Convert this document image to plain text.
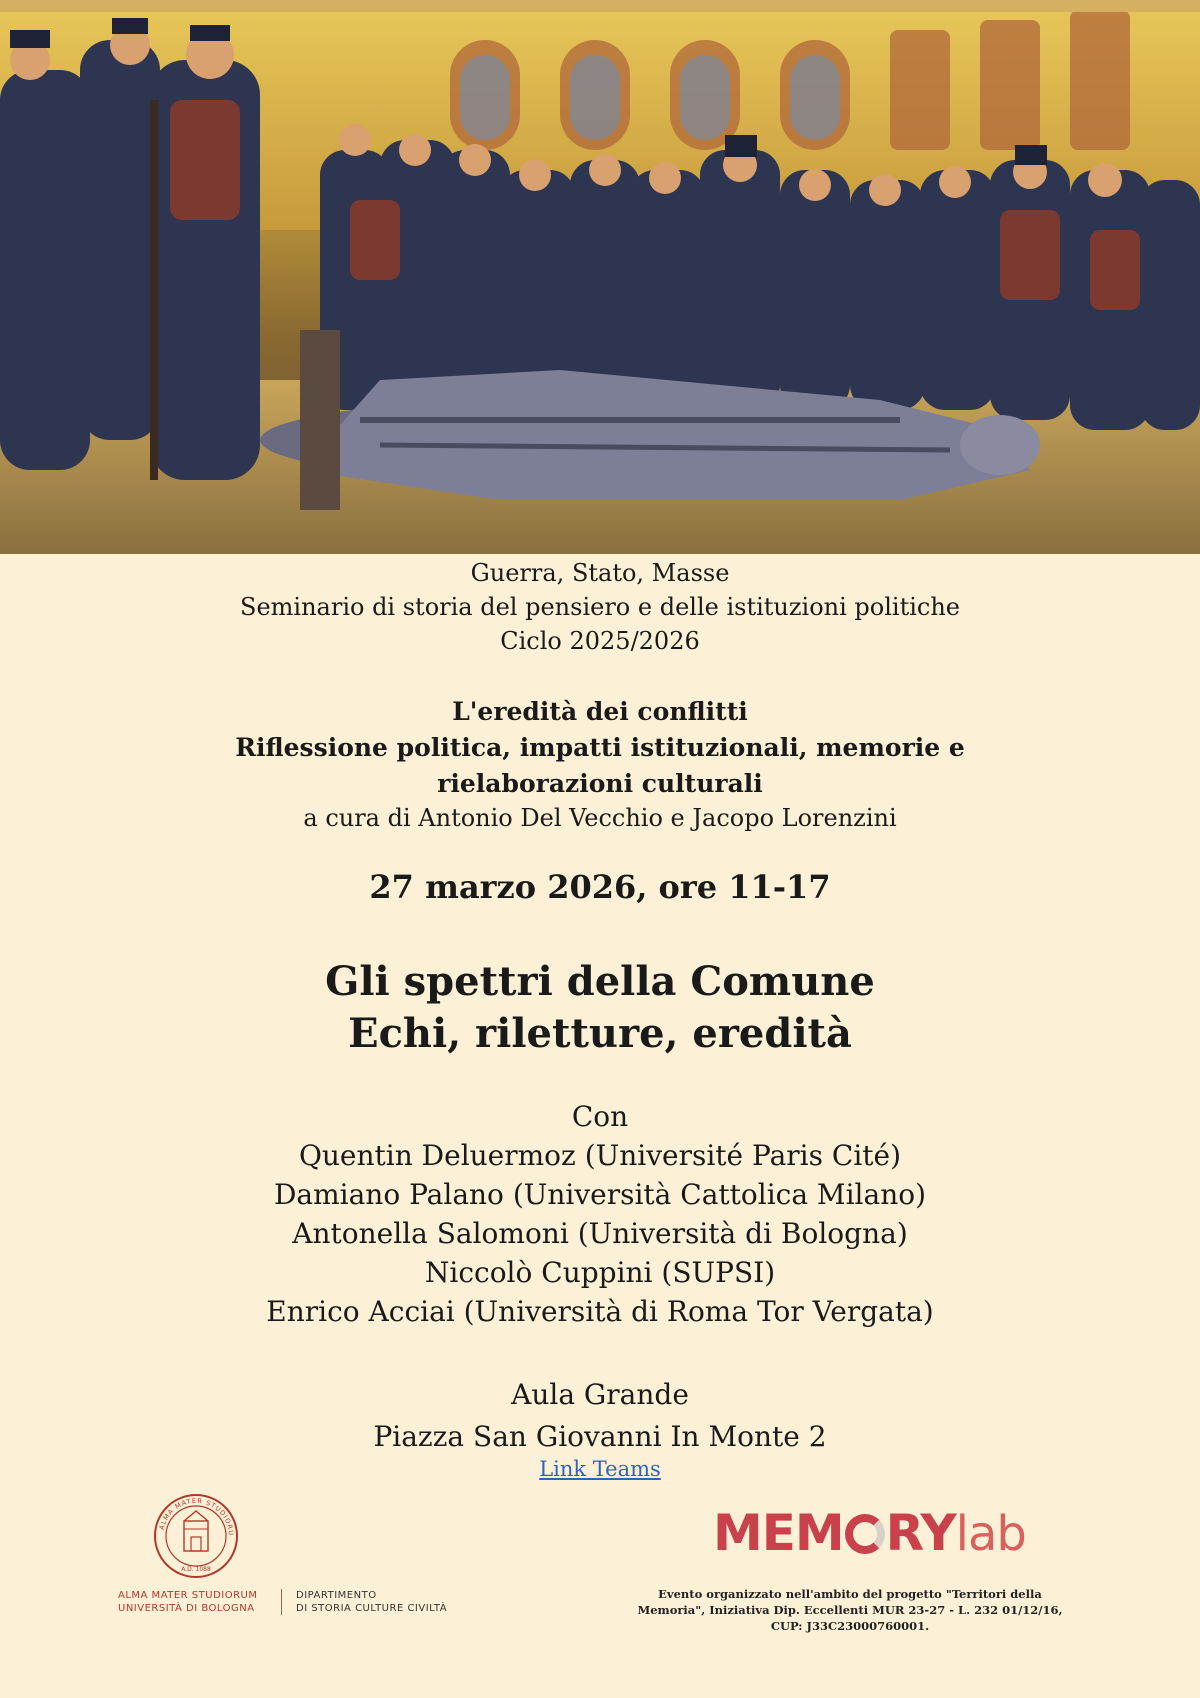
Guerra, Stato, Masse
Seminario di storia del pensiero e delle istituzioni politiche
Ciclo 2025/2026
L'eredità dei conflitti
Riflessione politica, impatti istituzionali, memorie e
rielaborazioni culturali
a cura di Antonio Del Vecchio e Jacopo Lorenzini
27 marzo 2026, ore 11-17
Gli spettri della Comune
Echi, riletture, eredità
Con
Quentin Deluermoz (Université Paris Cité)
Damiano Palano (Università Cattolica Milano)
Antonella Salomoni (Università di Bologna)
Niccolò Cuppini (SUPSI)
Enrico Acciai (Università di Roma Tor Vergata)
Aula Grande
Piazza San Giovanni In Monte 2
Link Teams
ALMA MATER STUDIORU
A.D. 1088
ALMA MATER STUDIORUM
UNIVERSITÀ DI BOLOGNA
DIPARTIMENTO
DI STORIA CULTURE CIVILTÀ
MEM RYlab
Evento organizzato nell'ambito del progetto "Territori della
Memoria", Iniziativa Dip. Eccellenti MUR 23-27 - L. 232 01/12/16,
CUP: J33C23000760001.
